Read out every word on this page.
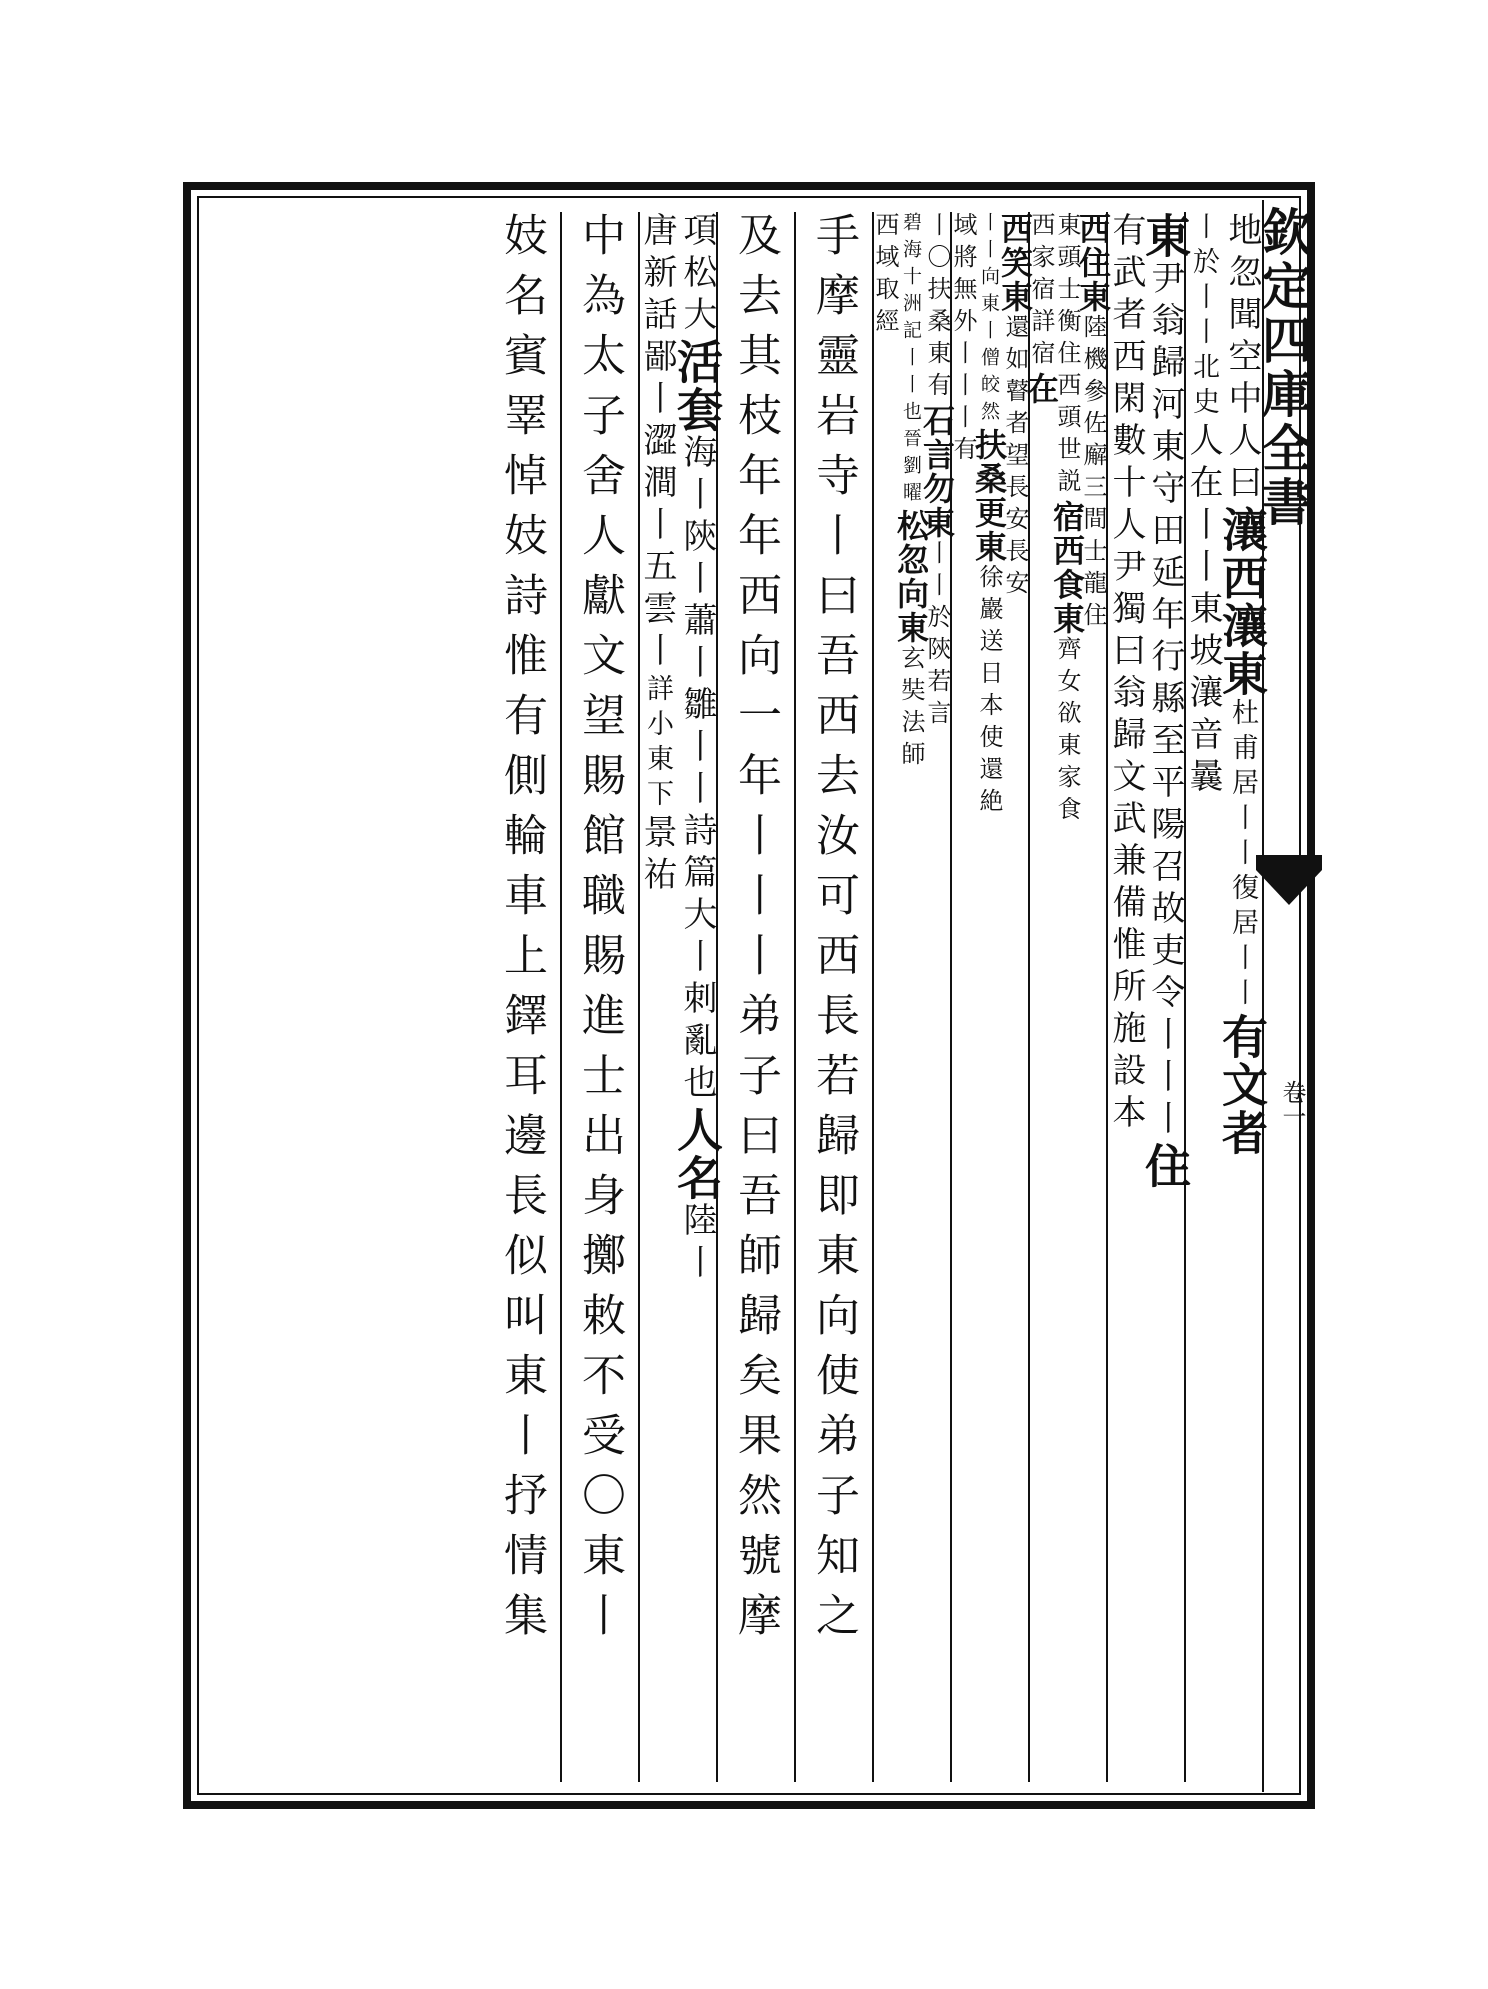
欽定四庫全書
卷一
地忽聞空中人曰瀼西瀼東杜甫居丨丨復居丨丨有文者
丨於丨丨北史人在丨丨東坡瀼音曩
東尹翁歸河東守田延年行縣至平陽召故吏令丨丨丨住
有武者西閑數十人尹獨曰翁歸文武兼備惟所施設本
西住東陸機參佐廨三間士龍住
東頭士衡住西頭世説宿西食東齊女欲東家食
西家宿詳宿在
西笑東還如瞽者望長安長安
丨丨向東丨僧皎然扶桑更東徐巖送日本使還絶
域將無外丨丨丨有
丨〇扶桑東有石言勿東丨丨於陝若言
碧海十洲記丨丨也晉劉曜松忽向東玄奘法師
西域取經
手摩靈岩寺丨曰吾西去汝可西長若歸即東向使弟子知之
及去其枝年年西向一年丨丨丨弟子曰吾師歸矣果然號摩
項松大活套海丨陝丨蕭丨雛丨丨詩篇大丨刺亂也人名陸丨
唐新話鄙丨澀澗丨五雲丨詳小東下景祐
中為太子舍人獻文望賜館職賜進士出身擲敕不受〇東丨
妓名賓睪悼妓詩惟有側輪車上鐸耳邊長似叫東丨抒情集
